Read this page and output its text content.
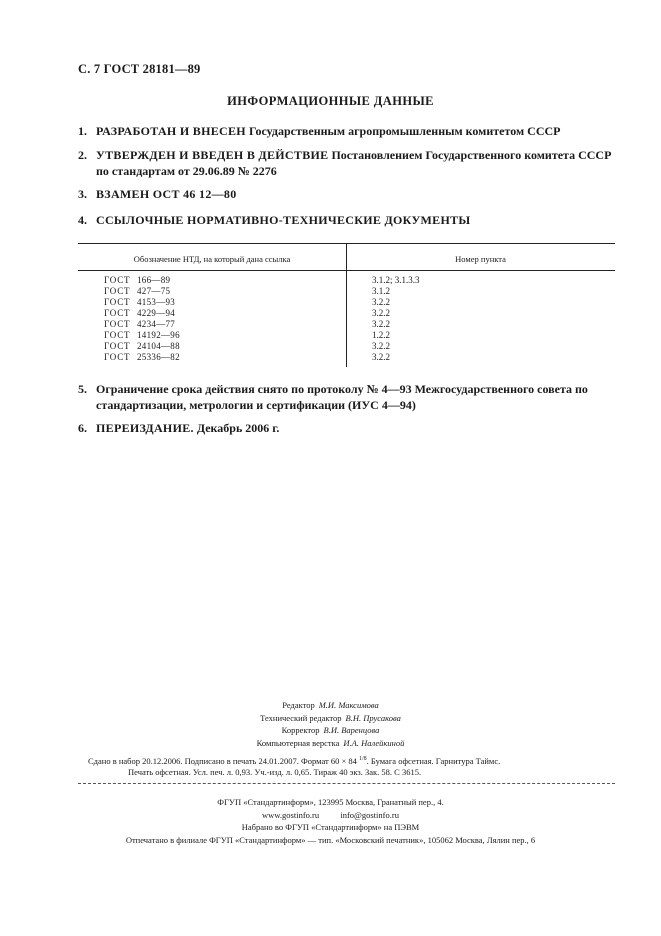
С. 7 ГОСТ 28181—89
ИНФОРМАЦИОННЫЕ ДАННЫЕ
1. РАЗРАБОТАН И ВНЕСЕН Государственным агропромышленным комитетом СССР
2. УТВЕРЖДЕН И ВВЕДЕН В ДЕЙСТВИЕ Постановлением Государственного комитета СССР по стандартам от 29.06.89 № 2276
3. ВЗАМЕН ОСТ 46 12—80
4. ССЫЛОЧНЫЕ НОРМАТИВНО-ТЕХНИЧЕСКИЕ ДОКУМЕНТЫ
Обозначение НТД, на который дана ссылка	Номер пункта
ГОСТ 166—89	3.1.2; 3.1.3.3
ГОСТ 427—75	3.1.2
ГОСТ 4153—93	3.2.2
ГОСТ 4229—94	3.2.2
ГОСТ 4234—77	3.2.2
ГОСТ 14192—96	1.2.2
ГОСТ 24104—88	3.2.2
ГОСТ 25336—82	3.2.2
5. Ограничение срока действия снято по протоколу № 4—93 Межгосударственного совета по стандартизации, метрологии и сертификации (ИУС 4—94)
6. ПЕРЕИЗДАНИЕ. Декабрь 2006 г.
Редактор М.И. Максимова
Технический редактор В.Н. Прусакова
Корректор В.И. Варенцова
Компьютерная верстка И.А. Налейкиной
Сдано в набор 20.12.2006. Подписано в печать 24.01.2007. Формат 60 × 84 $^{1/8}$. Бумага офсетная. Гарнитура Таймс.
Печать офсетная. Усл. печ. л. 0,93. Уч.-изд. л. 0,65. Тираж 40 экз. Зак. 58. С 3615.
ФГУП «Стандартинформ», 123995 Москва, Гранатный пер., 4.
www.gostinfo.ru          info@gostinfo.ru
Набрано во ФГУП «Стандартинформ» на ПЭВМ
Отпечатано в филиале ФГУП «Стандартинформ» — тип. «Московский печатник», 105062 Москва, Лялин пер., 6
